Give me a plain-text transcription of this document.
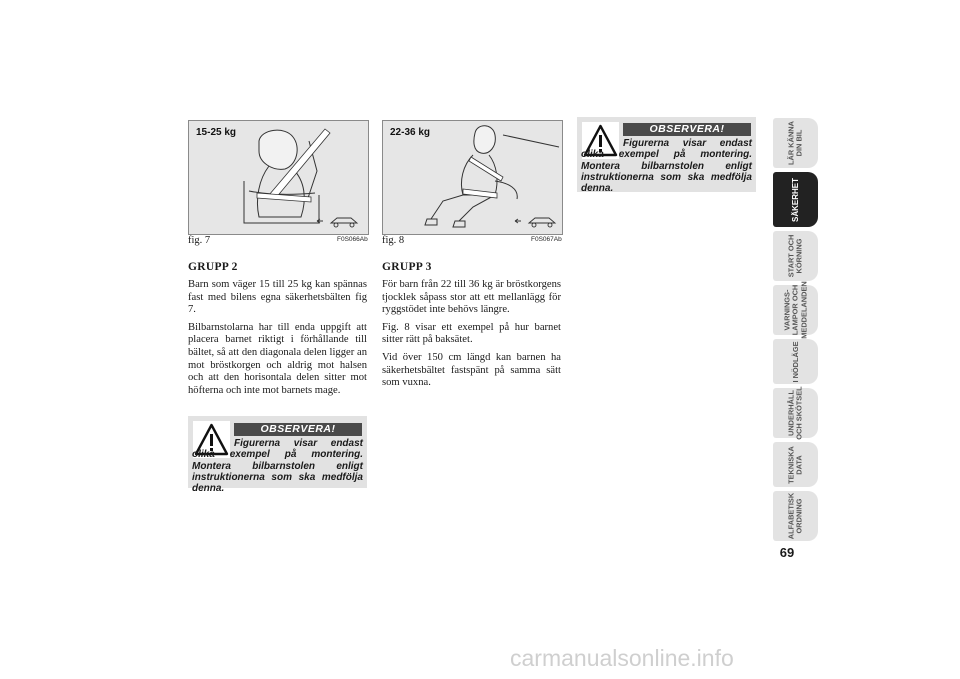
15-25 kg
fig. 7	F0S066Ab
22-36 kg
fig. 8	F0S067Ab
GRUPP 2

Barn som väger 15 till 25 kg kan spännas fast med bilens egna säkerhetsbälten fig 7.

Bilbarnstolarna har till enda uppgift att placera barnet riktigt i förhållande till bältet, så att den diagonala delen ligger an mot bröstkorgen och aldrig mot halsen och att den horisontala delen sitter mot höfterna och inte mot barnets mage.

GRUPP 3

För barn från 22 till 36 kg är bröstkorgens tjocklek såpass stor att ett mellanlägg för ryggstödet inte behövs längre.

Fig. 8 visar ett exempel på hur barnet sitter rätt på baksätet.

Vid över 150 cm längd kan barnen ha säkerhetsbältet fastspänt på samma sätt som vuxna.

OBSERVERA!
Figurerna visar endast olika exempel på montering. Montera bilbarnstolen enligt instruktionerna som ska medfölja denna.
OBSERVERA!
Figurerna visar endast olika exempel på montering. Montera bilbarnstolen enligt instruktionerna som ska medfölja denna.
LÄR KÄNNA
DIN BIL
SÄKERHET
START OCH
KÖRNING
VARNINGS-
LAMPOR OCH
MEDDELANDEN
I NÖDLÄGE
UNDERHÅLL
OCH SKÖTSEL
TEKNISKA
DATA
ALFABETISK
ORDNING
69
carmanualsonline.info
